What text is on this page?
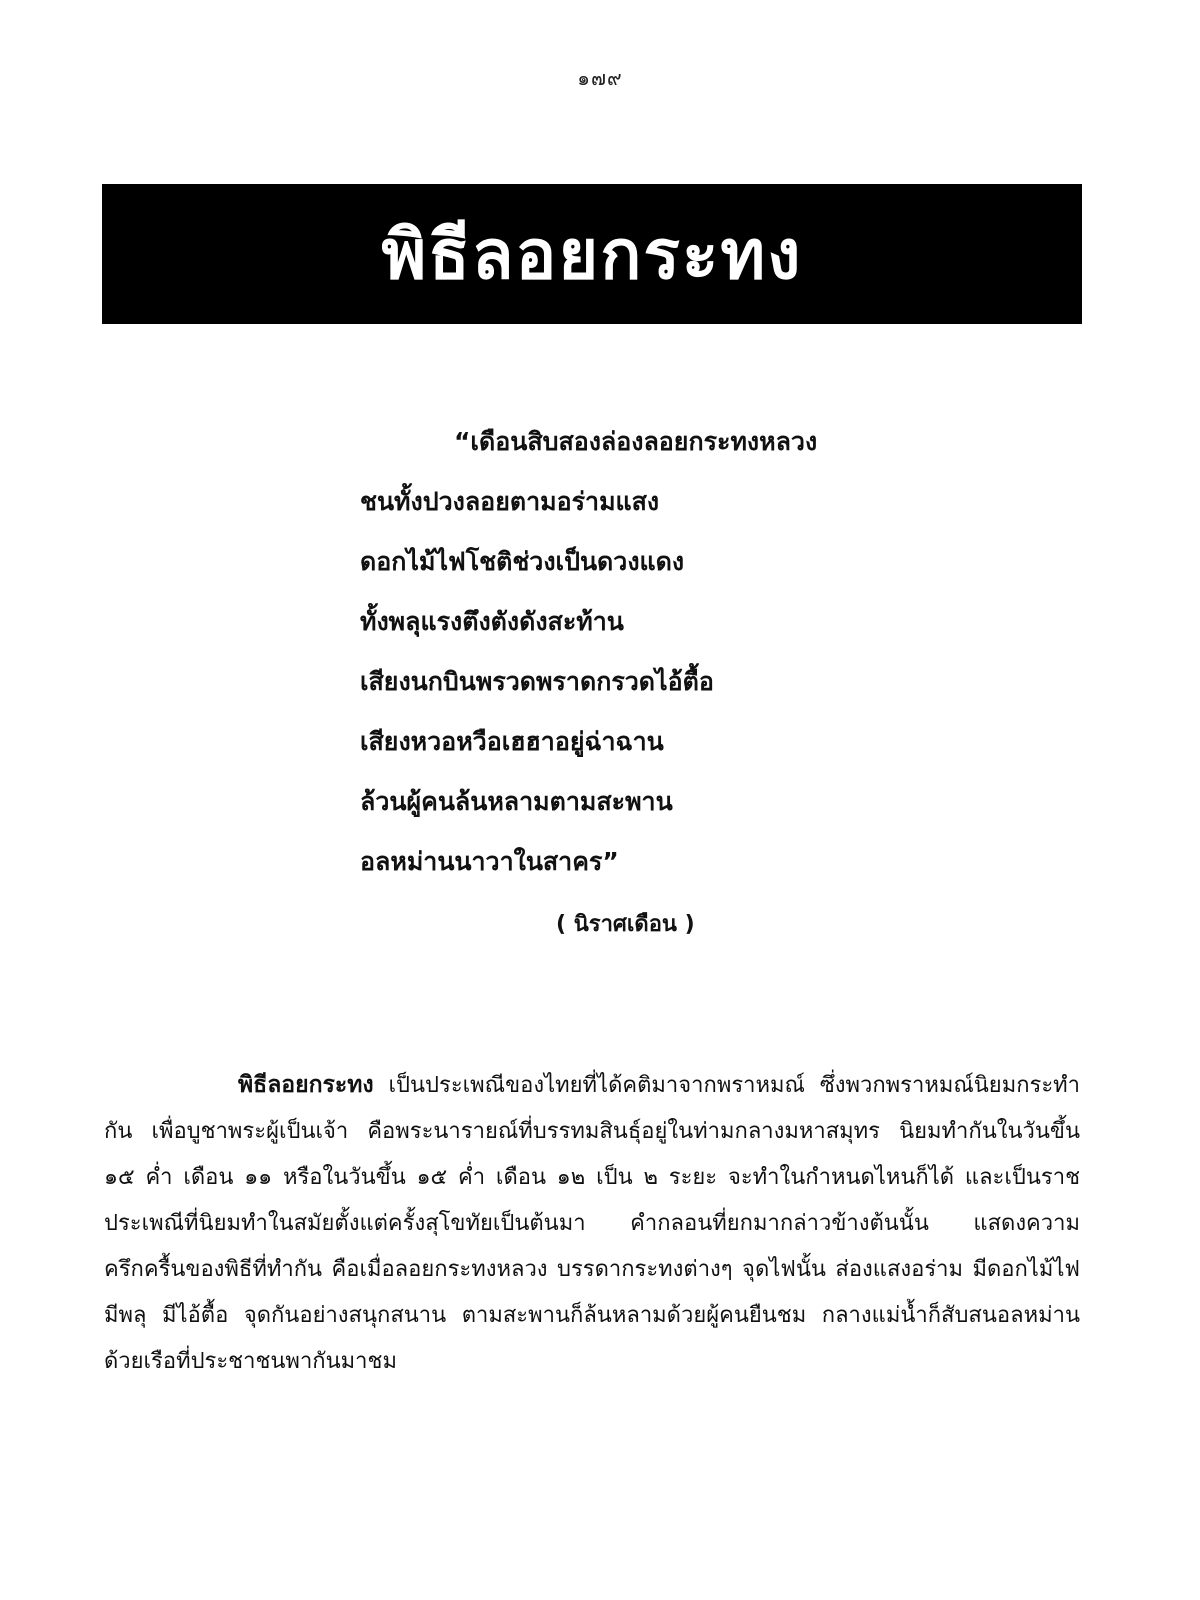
๑๗๙
พิธีลอยกระทง
“เดือนสิบสองล่องลอยกระทงหลวง
ชนทั้งปวงลอยตามอร่ามแสง
ดอกไม้ไฟโชติช่วงเป็นดวงแดง
ทั้งพลุแรงตึงตังดังสะท้าน
เสียงนกบินพรวดพราดกรวดไอ้ตื้อ
เสียงหวอหวือเฮฮาอยู่ฉ่าฉาน
ล้วนผู้คนล้นหลามตามสะพาน
อลหม่านนาวาในสาคร”
( นิราศเดือน )

พิธีลอยกระทง เป็นประเพณีของไทยที่ได้คติมาจากพราหมณ์ ซึ่งพวกพราหมณ์นิยมกระทำกัน เพื่อบูชาพระผู้เป็นเจ้า คือพระนารายณ์ที่บรรทมสินธุ์อยู่ในท่ามกลางมหาสมุทร นิยมทำกันในวันขึ้น ๑๕ ค่ำ เดือน ๑๑ หรือในวันขึ้น ๑๕ ค่ำ เดือน ๑๒ เป็น ๒ ระยะ จะทำในกำหนดไหนก็ได้ และเป็นราชประเพณีที่นิยมทำในสมัยตั้งแต่ครั้งสุโขทัยเป็นต้นมา คำกลอนที่ยกมากล่าวข้างต้นนั้น แสดงความครึกครื้นของพิธีที่ทำกัน คือเมื่อลอยกระทงหลวง บรรดากระทงต่างๆ จุดไฟนั้น ส่องแสงอร่าม มีดอกไม้ไฟ มีพลุ มีไอ้ตื้อ จุดกันอย่างสนุกสนาน ตามสะพานก็ล้นหลามด้วยผู้คนยืนชม กลางแม่น้ำก็สับสนอลหม่านด้วยเรือที่ประชาชนพากันมาชม
